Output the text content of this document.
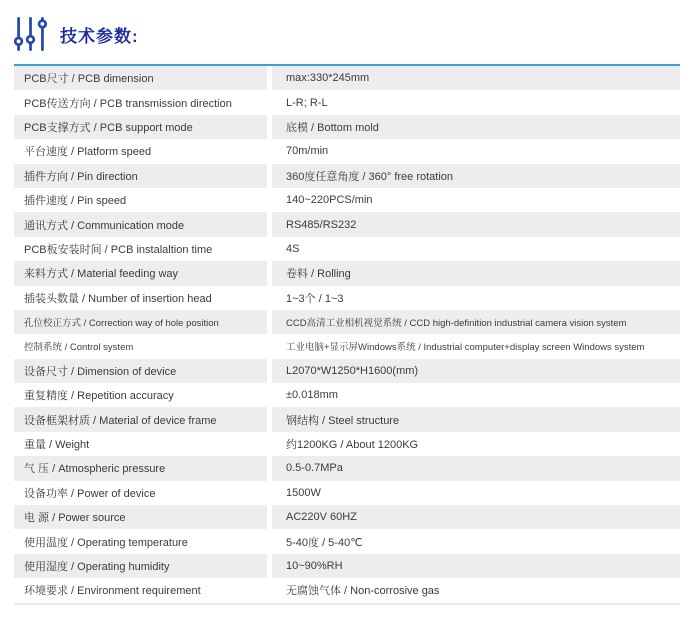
技术参数:
PCB尺寸 / PCB dimension	max:330*245mm
PCB传送方向 / PCB transmission direction	L-R; R-L
PCB支撑方式 / PCB support mode	底模 / Bottom mold
平台速度 / Platform speed	70m/min
插件方向 / Pin direction	360度任意角度 / 360° free rotation
插件速度 / Pin speed	140~220PCS/min
通讯方式 / Communication mode	RS485/RS232
PCB板安装时间 / PCB instalaltion time	4S
来料方式 / Material feeding way	卷料 / Rolling
插装头数量 / Number of insertion head	1~3个 / 1~3
孔位校正方式 / Correction way of hole position	CCD高清工业相机视觉系统 / CCD high-definition industrial camera vision system
控制系统 / Control system	工业电脑+显示屏Windows系统 / Industrial computer+display screen Windows system
设备尺寸 / Dimension of device	L2070*W1250*H1600(mm)
重复精度 / Repetition accuracy	±0.018mm
设备框架材质 / Material of device frame	钢结构 / Steel structure
重量 / Weight	约1200KG / About 1200KG
气 压 / Atmospheric pressure	0.5-0.7MPa
设备功率 / Power of device	1500W
电 源 / Power source	AC220V 60HZ
使用温度 / Operating temperature	5-40度 / 5-40℃
使用湿度 / Operating humidity	10~90%RH
环境要求 / Environment requirement	无腐蚀气体 / Non-corrosive gas
